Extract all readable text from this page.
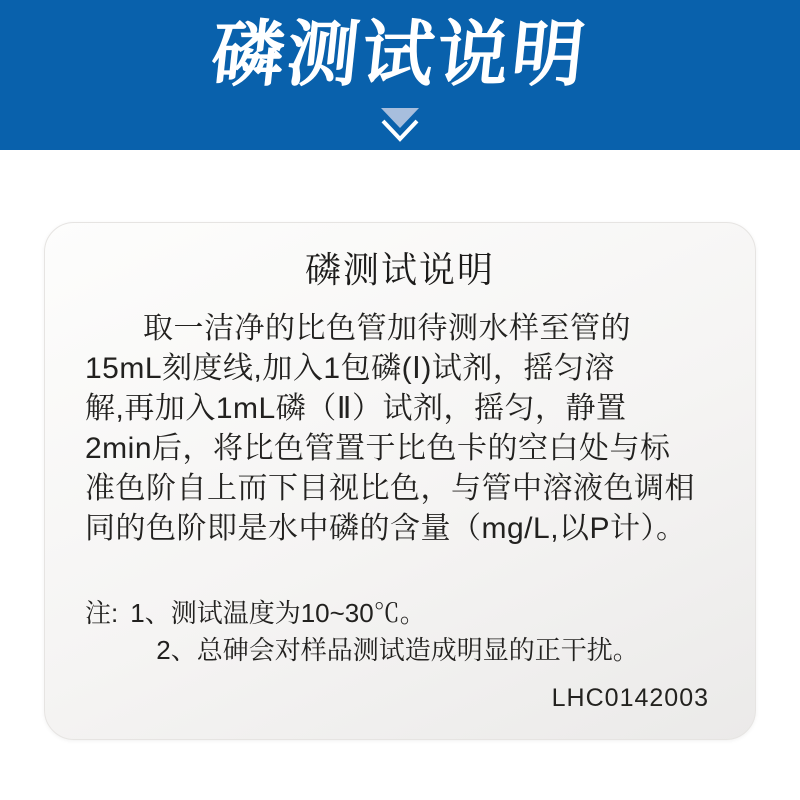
磷测试说明
磷测试说明
取一洁净的比色管加待测水样至管的
15mL刻度线,加入1包磷(Ⅰ)试剂，摇匀溶
解,再加入1mL磷（Ⅱ）试剂，摇匀，静置
2min后，将比色管置于比色卡的空白处与标
准色阶自上而下目视比色，与管中溶液色调相
同的色阶即是水中磷的含量（mg/L,以P计）。
注: 1、测试温度为10~30℃。
2、总砷会对样品测试造成明显的正干扰。
LHC0142003
